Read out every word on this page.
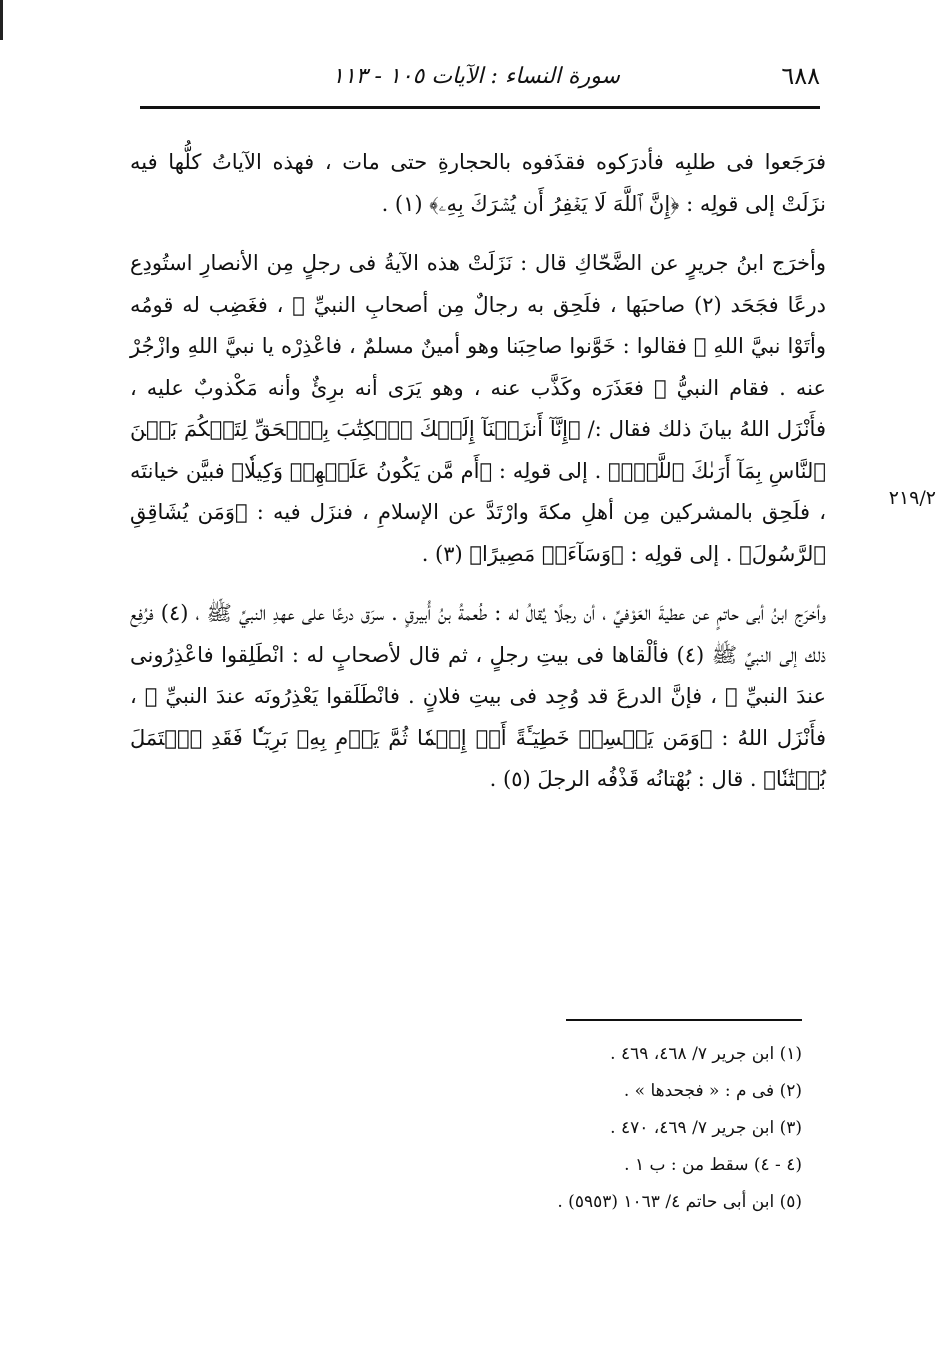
٦٨٨
سورة النساء : الآيات ١٠٥ - ١١٣
٢١٩/٢

فرَجَعوا فى طلبِه فأدرَكوه فقذَفوه بالحجارةِ حتى مات ، فهذه الآياتُ كلُّها فيه نزَلَتْ إلى قولِه : ﴿إِنَّ ٱللَّهَ لَا يَغۡفِرُ أَن يُشۡرَكَ بِهِۦ﴾ (١) .

وأخرَج ابنُ جريرٍ عن الضَّحّاكِ قال : نَزَلَتْ هذه الآيةُ فى رجلٍ مِن الأنصارِ استُودِع درعًا فجَحَد (٢) صاحبَها ، فلَحِق به رجالٌ مِن أصحابِ النبيِّ ﷺ ، فغَضِب له قومُه وأتَوْا نبيَّ اللهِ ﷺ فقالوا : خَوَّنوا صاحِبَنا وهو أمينٌ مسلمٌ ، فاعْذِرْه يا نبيَّ اللهِ وازْجُرْ عنه . فقام النبيُّ ﷺ فعَذَرَه وكَذَّب عنه ، وهو يَرَى أنه برِئٌ وأنه مَكْذوبٌ عليه ، فأَنْزَل اللهُ بيانَ ذلك فقال :/ ﴿إِنَّآ أَنزَلۡنَآ إِلَيۡكَ ٱلۡكِتَٰبَ بِٱلۡحَقِّ لِتَحۡكُمَ بَيۡنَ ٱلنَّاسِ بِمَآ أَرَىٰكَ ٱللَّهُۚ﴾ . إلى قولِه : ﴿أَم مَّن يَكُونُ عَلَيۡهِمۡ وَكِيلٗا﴾ فبيَّن خيانتَه ، فلَحِق بالمشركين مِن أهلِ مكةَ وارْتَدَّ عن الإسلامِ ، فنزَل فيه : ﴿وَمَن يُشَاقِقِ ٱلرَّسُولَ﴾ . إلى قولِه : ﴿وَسَآءَتۡ مَصِيرًا﴾ (٣) .

وأخرَج ابنُ أبى حاتمٍ عن عطيةَ العَوْفيِّ ، أن رجلًا يُقالُ له : طُعمةُ بنُ أُبيرقٍ . سرَق درعًا على عهدِ النبيِّ ﷺ ، (٤) فرُفِع ذلك إلى النبيِّ ﷺ (٤) فألْقاها فى بيتِ رجلٍ ، ثم قال لأصحابٍ له : انْطَلِقوا فاعْذِرُونى عندَ النبيِّ ﷺ ، فإنَّ الدرعَ قد وُجِد فى بيتِ فلانٍ . فانْطَلَقوا يَعْذِرُونَه عندَ النبيِّ ﷺ ، فأَنْزَل اللهُ : ﴿وَمَن يَكۡسِبۡ خَطِيٓـَٔةً أَوۡ إِثۡمٗا ثُمَّ يَرۡمِ بِهِۦ بَرِيٓـٔٗا فَقَدِ ٱحۡتَمَلَ بُهۡتَٰنٗا﴾ . قال : بُهْتانُه قَذْفُه الرجلَ (٥) .

(١) ابن جرير ٧/ ٤٦٨، ٤٦٩ .
(٢) فى م : « فجحدها » .
(٣) ابن جرير ٧/ ٤٦٩، ٤٧٠ .
(٤ - ٤) سقط من : ب ١ .
(٥) ابن أبى حاتم ٤/ ١٠٦٣ (٥٩٥٣) .
